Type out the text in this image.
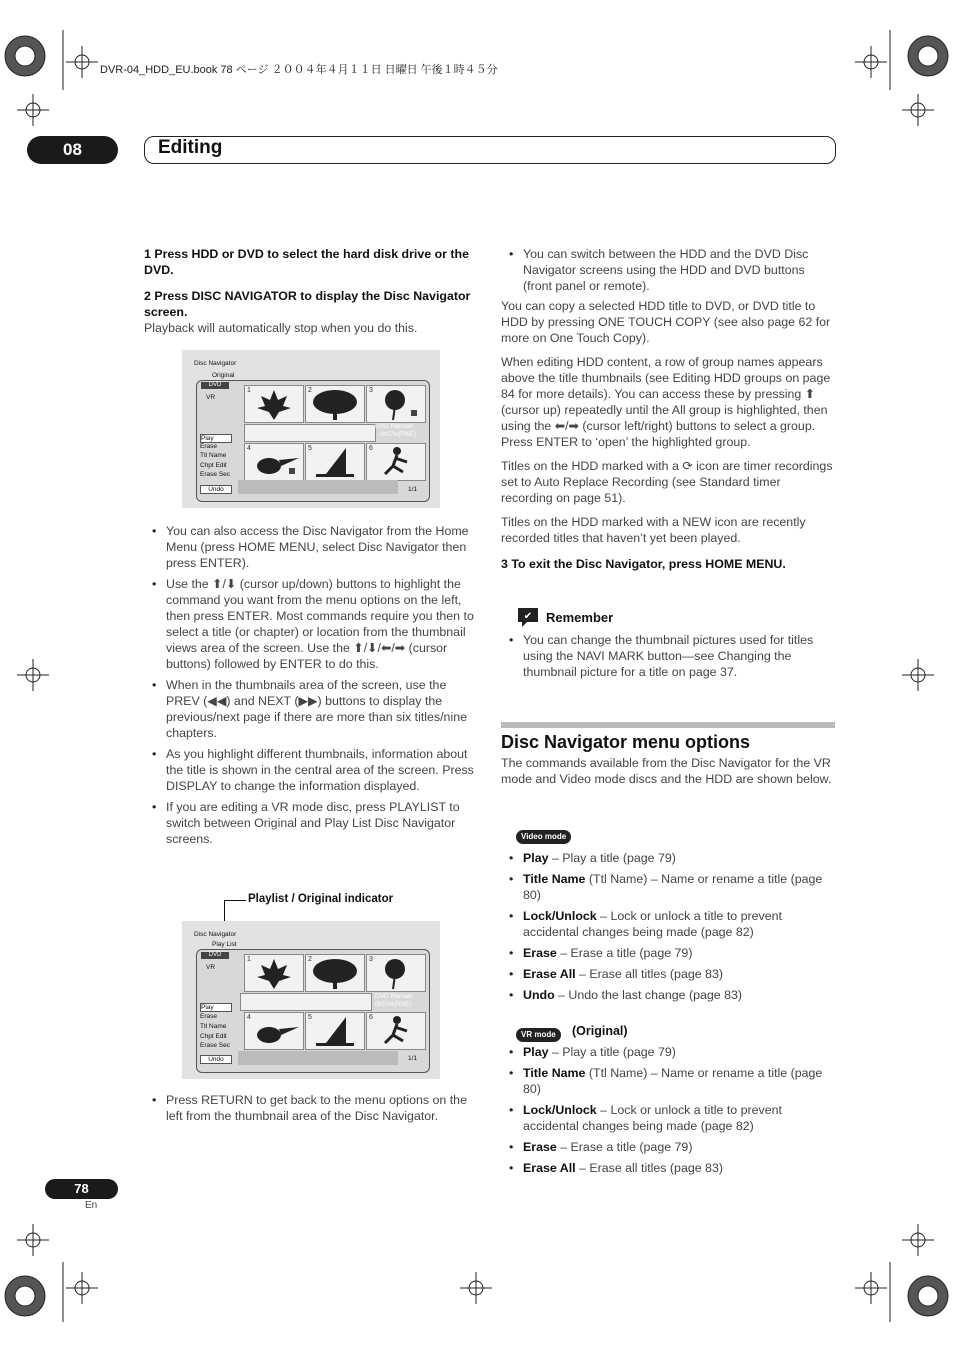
DVR-04_HDD_EU.book 78 ページ ２００４年４月１１日 日曜日 午後１時４５分
08	Editing
1 Press HDD or DVD to select the hard disk drive or the DVD.
2 Press DISC NAVIGATOR to display the Disc Navigator screen.
Playback will automatically stop when you do this.
Disc Navigator
Original
DVD
VR
Play
Erase
Ttl Name
Chpt Edit
Erase Sec
Undo
1	2	3
DVD Remain
0h37m(FINE)
4	5	6
1/1
• You can also access the Disc Navigator from the Home Menu (press HOME MENU, select Disc Navigator then press ENTER).
• Use the ⬆/⬇ (cursor up/down) buttons to highlight the command you want from the menu options on the left, then press ENTER. Most commands require you then to select a title (or chapter) or location from the thumbnail views area of the screen. Use the ⬆/⬇/⬅/➡ (cursor buttons) followed by ENTER to do this.
• When in the thumbnails area of the screen, use the PREV (◀◀) and NEXT (▶▶) buttons to display the previous/next page if there are more than six titles/nine chapters.
• As you highlight different thumbnails, information about the title is shown in the central area of the screen. Press DISPLAY to change the information displayed.
• If you are editing a VR mode disc, press PLAYLIST to switch between Original and Play List Disc Navigator screens.
Playlist / Original indicator
Disc Navigator
Play List
DVD
VR
Play
Erase
Ttl Name
Chpt Edit
Erase Sec
Undo
1	2	3
DVD Remain
0h37m(FINE)
4	5	6
1/1
• Press RETURN to get back to the menu options on the left from the thumbnail area of the Disc Navigator.
• You can switch between the HDD and the DVD Disc Navigator screens using the HDD and DVD buttons (front panel or remote).
You can copy a selected HDD title to DVD, or DVD title to HDD by pressing ONE TOUCH COPY (see also page 62 for more on One Touch Copy).
When editing HDD content, a row of group names appears above the title thumbnails (see Editing HDD groups on page 84 for more details). You can access these by pressing ⬆ (cursor up) repeatedly until the All group is highlighted, then using the ⬅/➡ (cursor left/right) buttons to select a group. Press ENTER to ‘open’ the highlighted group.
Titles on the HDD marked with a ⟳ icon are timer recordings set to Auto Replace Recording (see Standard timer recording on page 51).
Titles on the HDD marked with a NEW icon are recently recorded titles that haven’t yet been played.
3 To exit the Disc Navigator, press HOME MENU.
✔ Remember
• You can change the thumbnail pictures used for titles using the NAVI MARK button—see Changing the thumbnail picture for a title on page 37.
Disc Navigator menu options
The commands available from the Disc Navigator for the VR mode and Video mode discs and the HDD are shown below.
Video mode
• Play – Play a title (page 79)
• Title Name (Ttl Name) – Name or rename a title (page 80)
• Lock/Unlock – Lock or unlock a title to prevent accidental changes being made (page 82)
• Erase – Erase a title (page 79)
• Erase All – Erase all titles (page 83)
• Undo – Undo the last change (page 83)
VR mode	(Original)
• Play – Play a title (page 79)
• Title Name (Ttl Name) – Name or rename a title (page 80)
• Lock/Unlock – Lock or unlock a title to prevent accidental changes being made (page 82)
• Erase – Erase a title (page 79)
• Erase All – Erase all titles (page 83)
78
En
